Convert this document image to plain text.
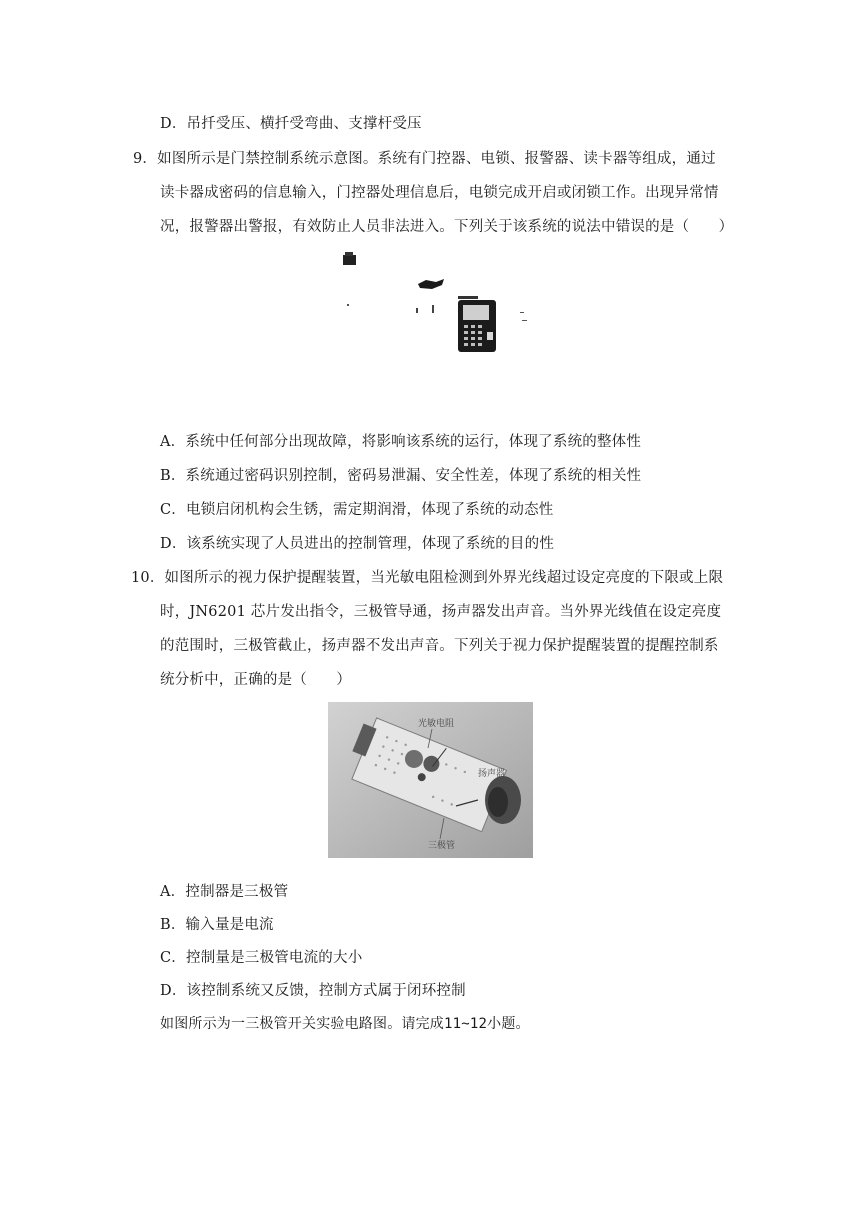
D．吊扦受压、横扦受弯曲、支撑杆受压
9．如图所示是门禁控制系统示意图。系统有门控器、电锁、报警器、读卡器等组成，通过
读卡器成密码的信息输入，门控器处理信息后，电锁完成开启或闭锁工作。出现异常情
况，报警器出警报，有效防止人员非法进入。下列关于该系统的说法中错误的是（　　）
A．系统中任何部分出现故障，将影响该系统的运行，体现了系统的整体性
B．系统通过密码识别控制，密码易泄漏、安全性差，体现了系统的相关性
C．电锁启闭机构会生锈，需定期润滑，体现了系统的动态性
D．该系统实现了人员进出的控制管理，体现了系统的目的性
10．如图所示的视力保护提醒装置，当光敏电阻检测到外界光线超过设定亮度的下限或上限
时，JN6201 芯片发出指令，三极管导通，扬声器发出声音。当外界光线值在设定亮度
的范围时，三极管截止，扬声器不发出声音。下列关于视力保护提醒装置的提醒控制系
统分析中，正确的是（　　）
光敏电阻
扬声器
三极管
A．控制器是三极管
B．输入量是电流
C．控制量是三极管电流的大小
D．该控制系统又反馈，控制方式属于闭环控制
如图所示为一三极管开关实验电路图。请完成11~12小题。
